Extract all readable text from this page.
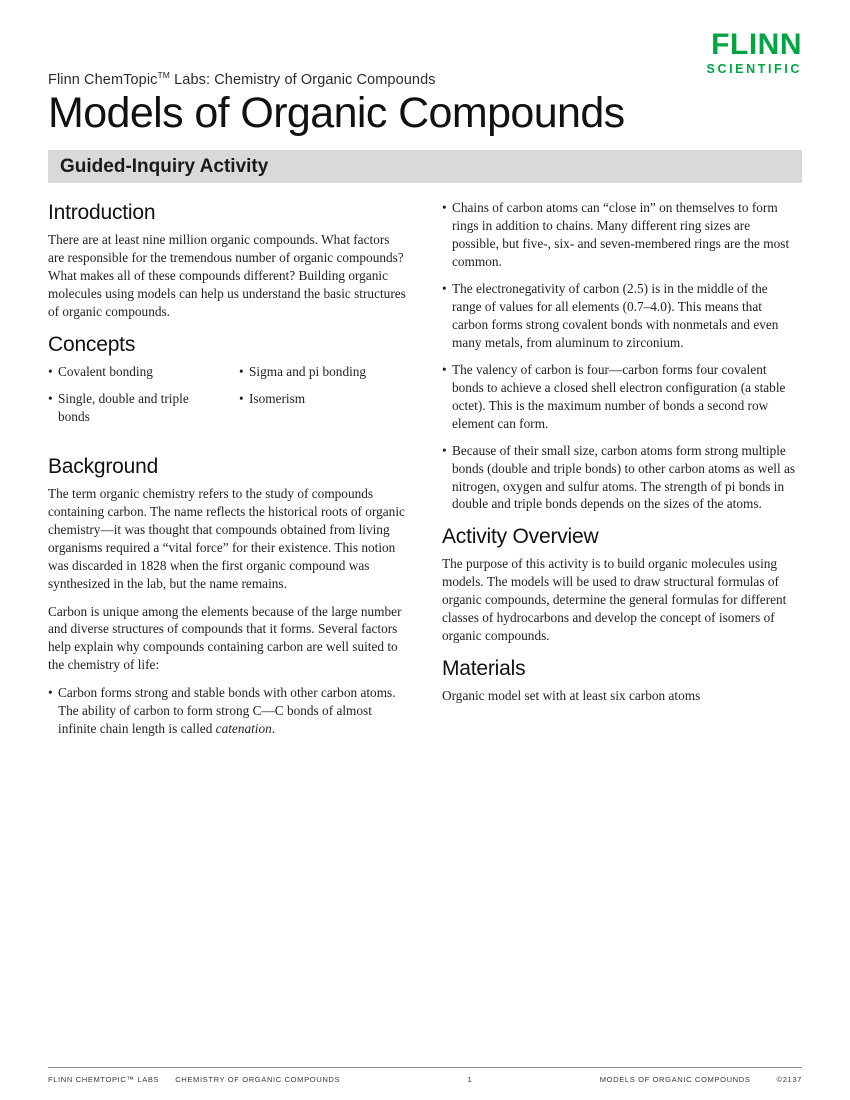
FLINN
SCIENTIFIC
Flinn ChemTopic™ Labs: Chemistry of Organic Compounds
Models of Organic Compounds
Guided-Inquiry Activity
Introduction

There are at least nine million organic compounds. What factors are responsible for the tremendous number of organic compounds? What makes all of these compounds different? Building organic molecules using models can help us understand the basic structures of organic compounds.

Concepts
• Covalent bonding
• Single, double and triple bonds
• Sigma and pi bonding
• Isomerism
Background

The term organic chemistry refers to the study of compounds containing carbon. The name reflects the historical roots of organic chemistry—it was thought that compounds obtained from living organisms required a “vital force” for their existence. This notion was discarded in 1828 when the first organic compound was synthesized in the lab, but the name remains.

Carbon is unique among the elements because of the large number and diverse structures of compounds that it forms. Several factors help explain why compounds containing carbon are well suited to the chemistry of life:

• Carbon forms strong and stable bonds with other carbon atoms. The ability of carbon to form strong C—C bonds of almost infinite chain length is called catenation.
• Chains of carbon atoms can “close in” on themselves to form rings in addition to chains. Many different ring sizes are possible, but five-, six- and seven-membered rings are the most common.
• The electronegativity of carbon (2.5) is in the middle of the range of values for all elements (0.7–4.0). This means that carbon forms strong covalent bonds with nonmetals and even many metals, from aluminum to zirconium.
• The valency of carbon is four—carbon forms four covalent bonds to achieve a closed shell electron configuration (a stable octet). This is the maximum number of bonds a second row element can form.
• Because of their small size, carbon atoms form strong multiple bonds (double and triple bonds) to other carbon atoms as well as nitrogen, oxygen and sulfur atoms. The strength of pi bonds in double and triple bonds depends on the sizes of the atoms.
Activity Overview

The purpose of this activity is to build organic molecules using models. The models will be used to draw structural formulas of organic compounds, determine the general formulas for different classes of hydrocarbons and develop the concept of isomers of organic compounds.

Materials

Organic model set with at least six carbon atoms

FLINN CHEMTOPIC™ LABS CHEMISTRY OF ORGANIC COMPOUNDS	1	MODELS OF ORGANIC COMPOUNDS	©2137
